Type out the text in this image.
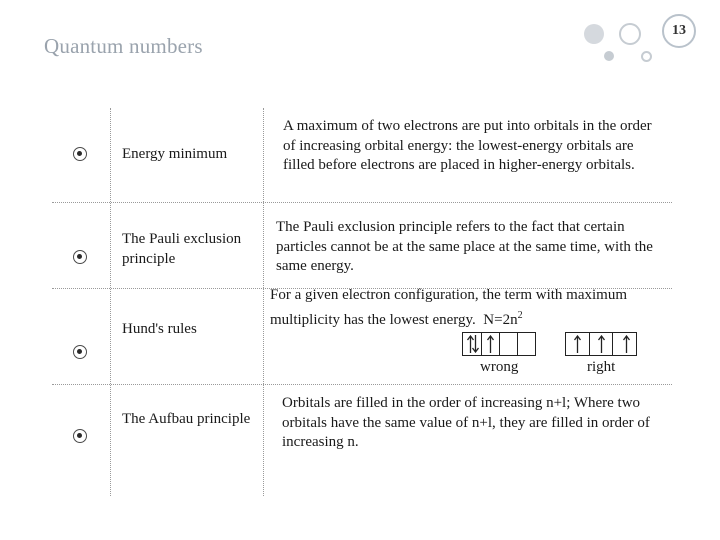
Quantum numbers
13
Energy minimum
A maximum of two electrons are put into orbitals in the order of increasing orbital energy: the lowest-energy orbitals are filled before electrons are placed in higher-energy orbitals.
The Pauli exclusion principle
The Pauli exclusion principle refers to the fact that certain particles cannot be at the same place at the same time, with the same energy.
Hund's rules
For a given electron configuration, the term with maximum multiplicity has the lowest energy. $N=2n^2$
wrong	right
The Aufbau principle
Orbitals are filled in the order of increasing n+l; Where two orbitals have the same value of n+l, they are filled in order of increasing n.
